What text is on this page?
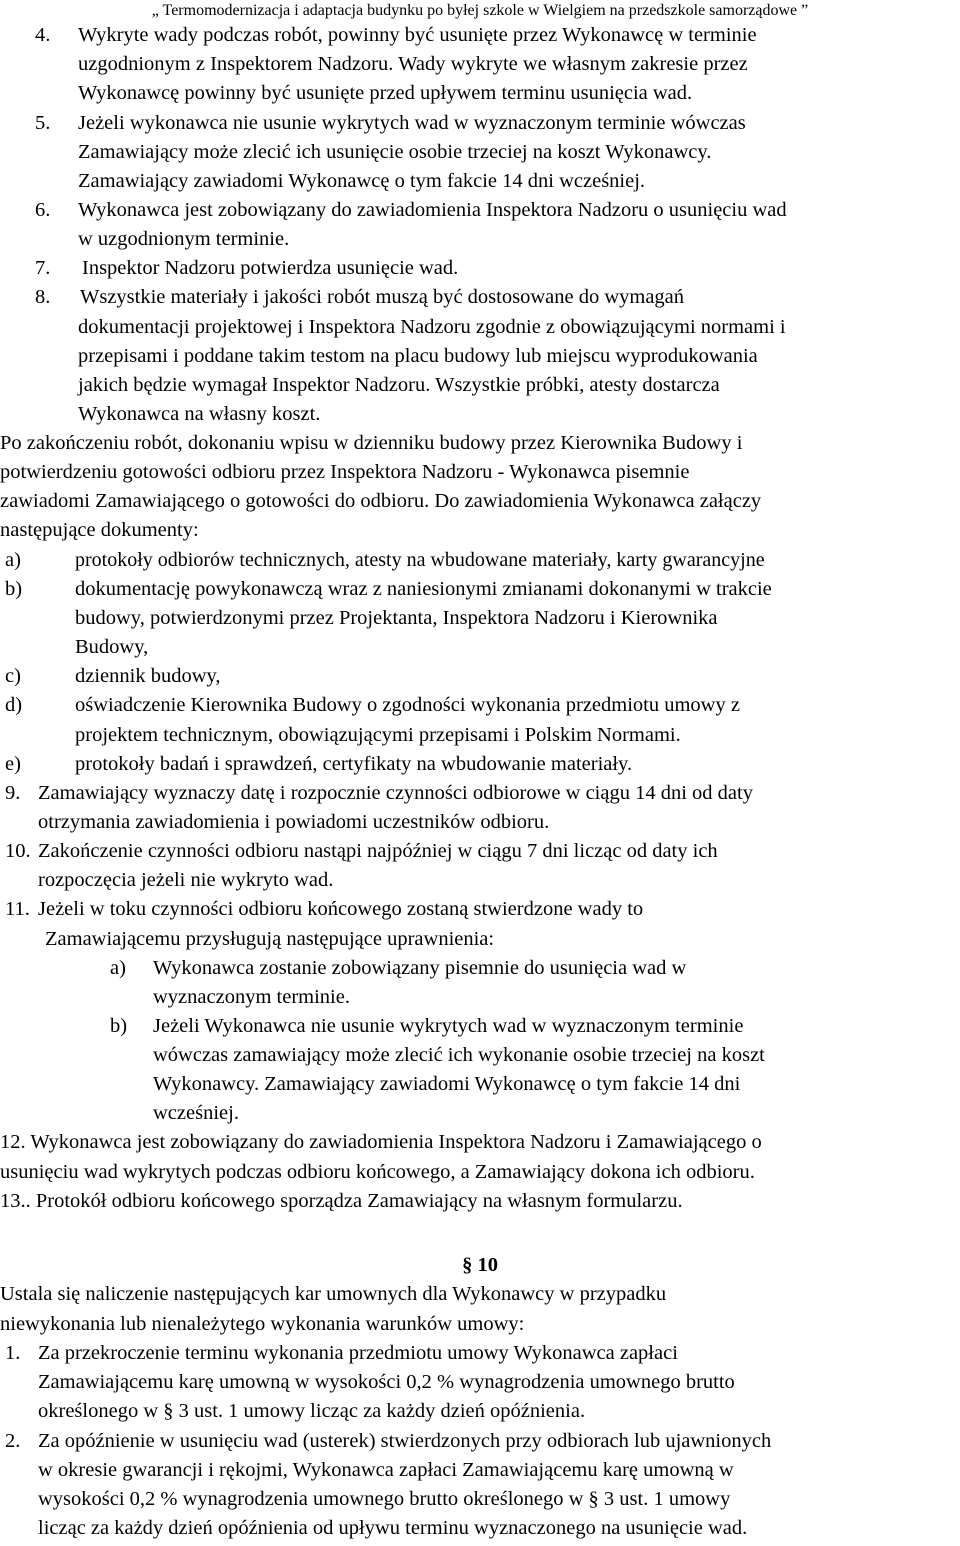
„ Termomodernizacja i adaptacja budynku po byłej szkole w Wielgiem na przedszkole samorządowe ”
4. Wykryte wady podczas robót, powinny być usunięte przez Wykonawcę w terminie
uzgodnionym z Inspektorem Nadzoru. Wady wykryte we własnym zakresie przez
Wykonawcę powinny być usunięte przed upływem terminu usunięcia wad.
5. Jeżeli wykonawca nie usunie wykrytych wad w wyznaczonym terminie wówczas
Zamawiający może zlecić ich usunięcie osobie trzeciej na koszt Wykonawcy.
Zamawiający zawiadomi Wykonawcę o tym fakcie 14 dni wcześniej.
6. Wykonawca jest zobowiązany do zawiadomienia Inspektora Nadzoru o usunięciu wad
w uzgodnionym terminie.
7. Inspektor Nadzoru potwierdza usunięcie wad.
8. Wszystkie materiały i jakości robót muszą być dostosowane do wymagań
dokumentacji projektowej i Inspektora Nadzoru zgodnie z obowiązującymi normami i
przepisami i poddane takim testom na placu budowy lub miejscu wyprodukowania
jakich będzie wymagał Inspektor Nadzoru. Wszystkie próbki, atesty dostarcza
Wykonawca na własny koszt.
Po zakończeniu robót, dokonaniu wpisu w dzienniku budowy przez Kierownika Budowy i
potwierdzeniu gotowości odbioru przez Inspektora Nadzoru - Wykonawca pisemnie
zawiadomi Zamawiającego o gotowości do odbioru. Do zawiadomienia Wykonawca załączy
następujące dokumenty:
a)	protokoły odbiorów technicznych, atesty na wbudowane materiały, karty gwarancyjne
b)	dokumentację powykonawczą wraz z naniesionymi zmianami dokonanymi w trakcie
budowy, potwierdzonymi przez Projektanta, Inspektora Nadzoru i Kierownika
Budowy,
c)	dziennik budowy,
d)	oświadczenie Kierownika Budowy o zgodności wykonania przedmiotu umowy z
projektem technicznym, obowiązującymi przepisami i Polskim Normami.
e)	protokoły badań i sprawdzeń, certyfikaty na wbudowanie materiały.
9. Zamawiający wyznaczy datę i rozpocznie czynności odbiorowe w ciągu 14 dni od daty
otrzymania zawiadomienia i powiadomi uczestników odbioru.
10. Zakończenie czynności odbioru nastąpi najpóźniej w ciągu 7 dni licząc od daty ich
rozpoczęcia jeżeli nie wykryto wad.
11. Jeżeli w toku czynności odbioru końcowego zostaną stwierdzone wady to
Zamawiającemu przysługują następujące uprawnienia:
a) Wykonawca zostanie zobowiązany pisemnie do usunięcia wad w
wyznaczonym terminie.
b) Jeżeli Wykonawca nie usunie wykrytych wad w wyznaczonym terminie
wówczas zamawiający może zlecić ich wykonanie osobie trzeciej na koszt
Wykonawcy. Zamawiający zawiadomi Wykonawcę o tym fakcie 14 dni
wcześniej.
12. Wykonawca jest zobowiązany do zawiadomienia Inspektora Nadzoru i Zamawiającego o
usunięciu wad wykrytych podczas odbioru końcowego, a Zamawiający dokona ich odbioru.
13.. Protokół odbioru końcowego sporządza Zamawiający na własnym formularzu.
Ustala się naliczenie następujących kar umownych dla Wykonawcy w przypadku
niewykonania lub nienależytego wykonania warunków umowy:
1. Za przekroczenie terminu wykonania przedmiotu umowy Wykonawca zapłaci
Zamawiającemu karę umowną w wysokości 0,2 % wynagrodzenia umownego brutto
określonego w § 3 ust. 1 umowy licząc za każdy dzień opóźnienia.
2. Za opóźnienie w usunięciu wad (usterek) stwierdzonych przy odbiorach lub ujawnionych
w okresie gwarancji i rękojmi, Wykonawca zapłaci Zamawiającemu karę umowną w
wysokości 0,2 % wynagrodzenia umownego brutto określonego w § 3 ust. 1 umowy
licząc za każdy dzień opóźnienia od upływu terminu wyznaczonego na usunięcie wad.
§ 10
